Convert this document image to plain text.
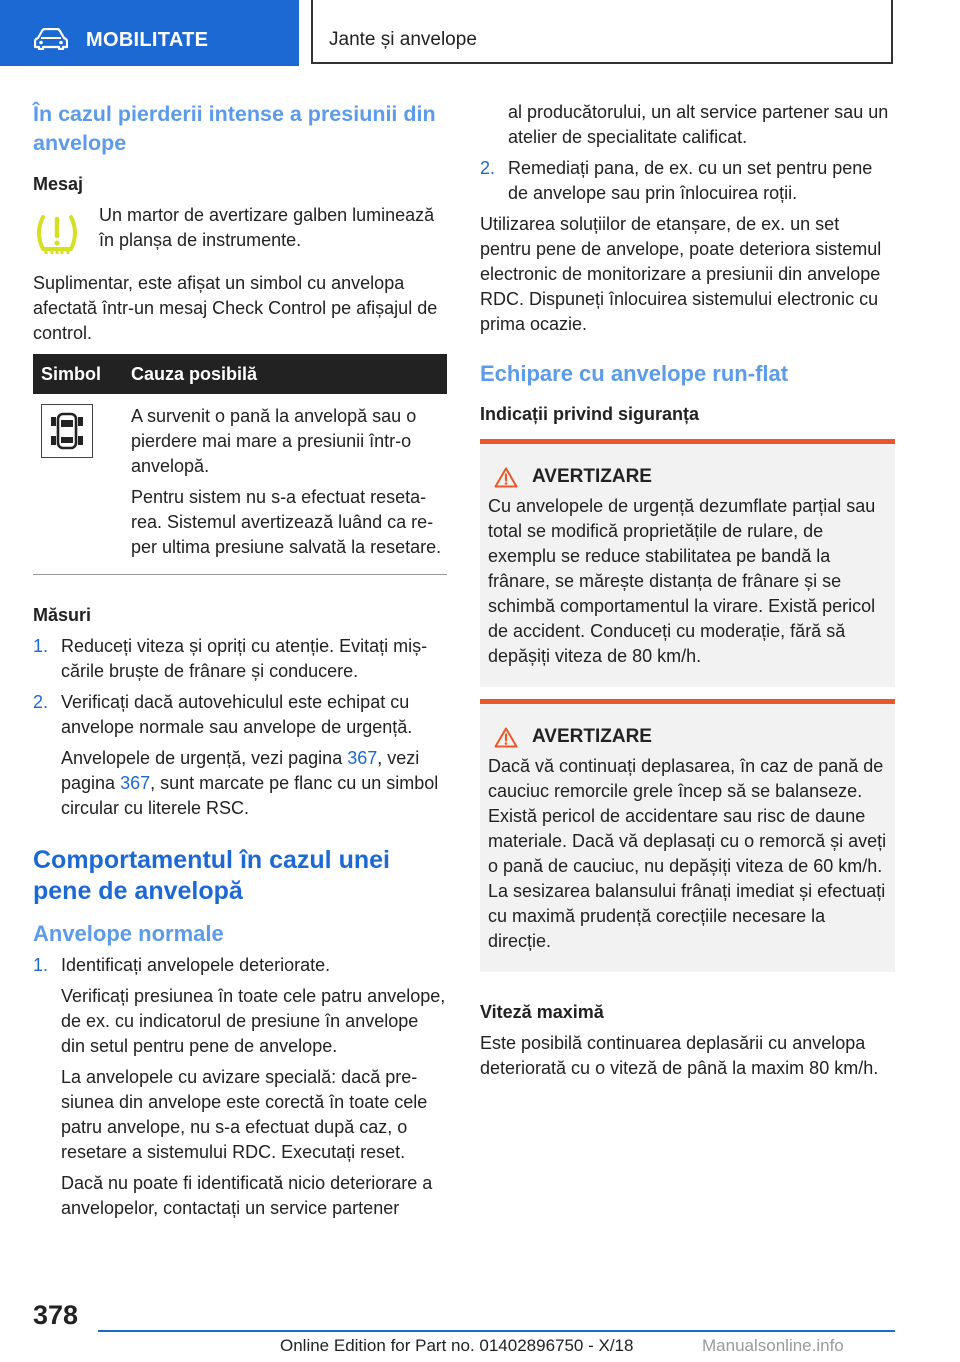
MOBILITATE	Jante și anvelope
În cazul pierderii intense a presiunii din anvelope
Mesaj

Un martor de avertizare galben luminează în planșa de instrumente.

Suplimentar, este afișat un simbol cu anvelopa afectată într-un mesaj Check Control pe afișajul de control.

Simbol	Cauza posibilă

A survenit o pană la anvelopă sau o pierdere mai mare a presiunii într-o anvelopă.

Pentru sistem nu s-a efectuat resetarea. Sistemul avertizează luând ca reper ultima presiune salvată la resetare.

Măsuri
1. Reduceți viteza și opriți cu atenție. Evitați mișcările bruște de frânare și conducere.
2. Verificați dacă autovehiculul este echipat cu anvelope normale sau anvelope de urgență.

Anvelopele de urgență, vezi pagina 367, vezi pagina 367, sunt marcate pe flanc cu un simbol circular cu literele RSC.

Comportamentul în cazul unei pene de anvelopă
Anvelope normale
1. Identificați anvelopele deteriorate.

Verificați presiunea în toate cele patru anvelope, de ex. cu indicatorul de presiune în anvelope din setul pentru pene de anvelope.

La anvelopele cu avizare specială: dacă presiunea din anvelope este corectă în toate cele patru anvelope, nu s-a efectuat după caz, o resetare a sistemului RDC. Executați reset.

Dacă nu poate fi identificată nicio deteriorare a anvelopelor, contactați un service partener

al producătorului, un alt service partener sau un atelier de specialitate calificat.

2. Remediați pana, de ex. cu un set pentru pene de anvelope sau prin înlocuirea roții.

Utilizarea soluțiilor de etanșare, de ex. un set pentru pene de anvelope, poate deteriora sistemul electronic de monitorizare a presiunii din anvelope RDC. Dispuneți înlocuirea sistemului electronic cu prima ocazie.

Echipare cu anvelope run-flat
Indicații privind siguranța
AVERTIZARE

Cu anvelopele de urgență dezumflate parțial sau total se modifică proprietățile de rulare, de exemplu se reduce stabilitatea pe bandă la frânare, se mărește distanța de frânare și se schimbă comportamentul la virare. Există pericol de accident. Conduceți cu moderație, fără să depășiți viteza de 80 km/h.

AVERTIZARE

Dacă vă continuați deplasarea, în caz de pană de cauciuc remorcile grele încep să se balanseze. Există pericol de accidentare sau risc de daune materiale. Dacă vă deplasați cu o remorcă și aveți o pană de cauciuc, nu depășiți viteza de 60 km/h. La sesizarea balansului frânați imediat și efectuați cu maximă prudență corecțiile necesare la direcție.

Viteză maximă

Este posibilă continuarea deplasării cu anvelopa deteriorată cu o viteză de până la maxim 80 km/h.

378
Online Edition for Part no. 01402896750 - X/18	Manualsonline.info
